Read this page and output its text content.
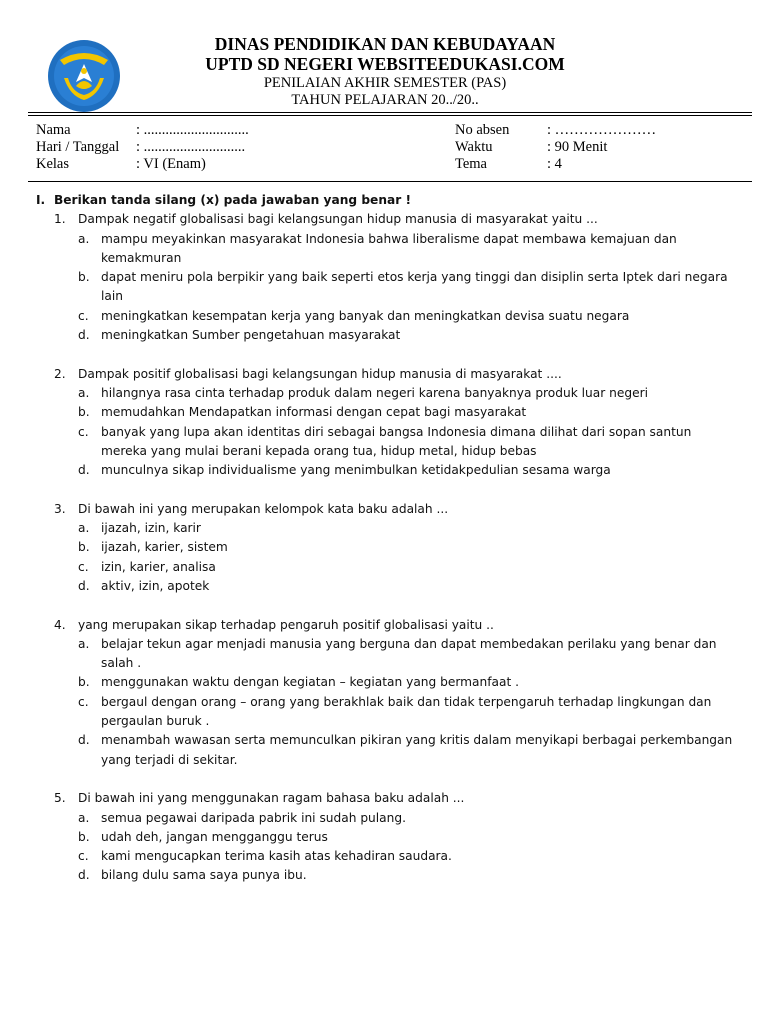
DINAS PENDIDIKAN DAN KEBUDAYAAN
UPTD SD NEGERI WEBSITEEDUKASI.COM
PENILAIAN AKHIR SEMESTER (PAS)
TAHUN PELAJARAN 20../20..
Nama	: .............................
Hari / Tanggal	: ............................
Kelas	: VI (Enam)
No absen	: …………………
Waktu	: 90 Menit
Tema	: 4
I. Berikan tanda silang (x) pada jawaban yang benar !
1.	Dampak negatif globalisasi bagi kelangsungan hidup manusia di masyarakat yaitu ...
a. mampu meyakinkan masyarakat Indonesia bahwa liberalisme dapat membawa kemajuan dan kemakmuran
b. dapat meniru pola berpikir yang baik seperti etos kerja yang tinggi dan disiplin serta Iptek dari negara lain
c.	meningkatkan kesempatan kerja yang banyak dan meningkatkan devisa suatu negara
d. meningkatkan Sumber pengetahuan masyarakat
2.	Dampak positif globalisasi bagi kelangsungan hidup manusia di masyarakat ....
a. hilangnya rasa cinta terhadap produk dalam negeri karena banyaknya produk luar negeri
b. memudahkan Mendapatkan informasi dengan cepat bagi masyarakat
c.	banyak yang lupa akan identitas diri sebagai bangsa Indonesia dimana dilihat dari sopan santun mereka yang mulai berani kepada orang tua, hidup metal, hidup bebas
d. munculnya sikap individualisme yang menimbulkan ketidakpedulian sesama warga
3.	Di bawah ini yang merupakan kelompok kata baku adalah ...
a. ijazah, izin, karir
b. ijazah, karier, sistem
c.	izin, karier, analisa
d. aktiv, izin, apotek
4.	yang merupakan sikap terhadap pengaruh positif globalisasi yaitu ..
a. belajar tekun agar menjadi manusia yang berguna dan dapat membedakan perilaku yang benar dan salah .
b. menggunakan waktu dengan kegiatan – kegiatan yang bermanfaat .
c.	bergaul dengan orang – orang yang berakhlak baik dan tidak terpengaruh terhadap lingkungan dan pergaulan buruk .
d. menambah wawasan serta memunculkan pikiran yang kritis dalam menyikapi berbagai perkembangan yang terjadi di sekitar.
5.	Di bawah ini yang menggunakan ragam bahasa baku adalah ...
a. semua pegawai daripada pabrik ini sudah pulang.
b. udah deh, jangan mengganggu terus
c.	kami mengucapkan terima kasih atas kehadiran saudara.
d. bilang dulu sama saya punya ibu.
